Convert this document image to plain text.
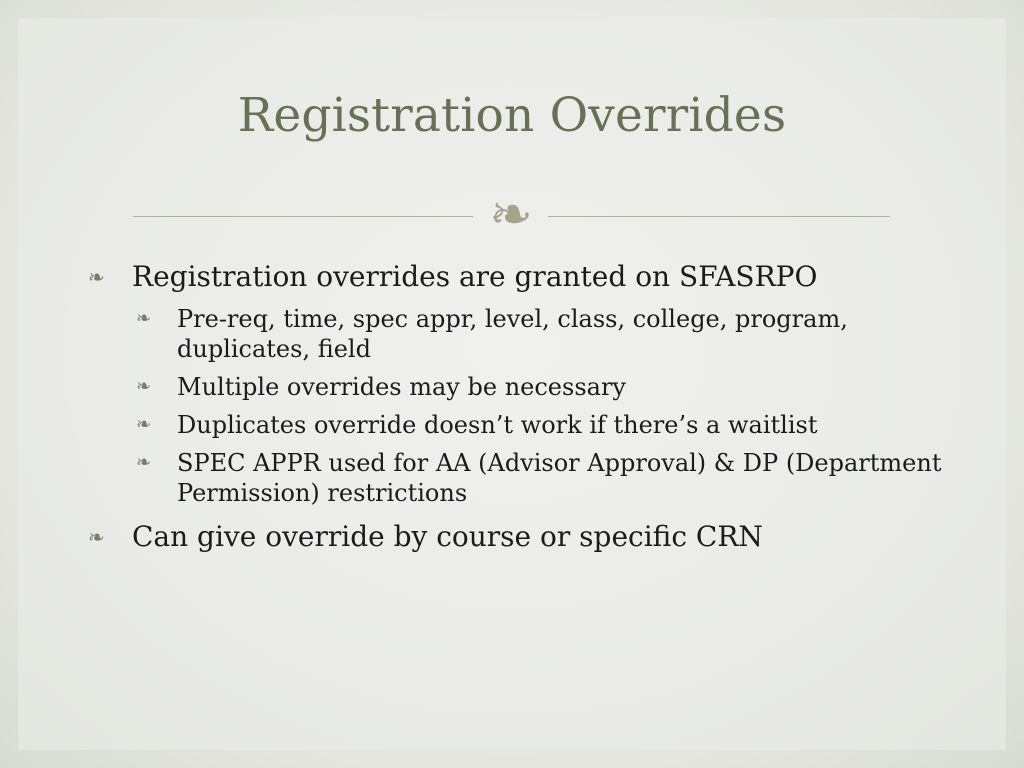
Registration Overrides
❧
❧ Registration overrides are granted on SFASRPO
❧ Pre-req, time, spec appr, level, class, college, program, duplicates, field
❧ Multiple overrides may be necessary
❧ Duplicates override doesn’t work if there’s a waitlist
❧ SPEC APPR used for AA (Advisor Approval) & DP (Department Permission) restrictions
❧ Can give override by course or specific CRN
